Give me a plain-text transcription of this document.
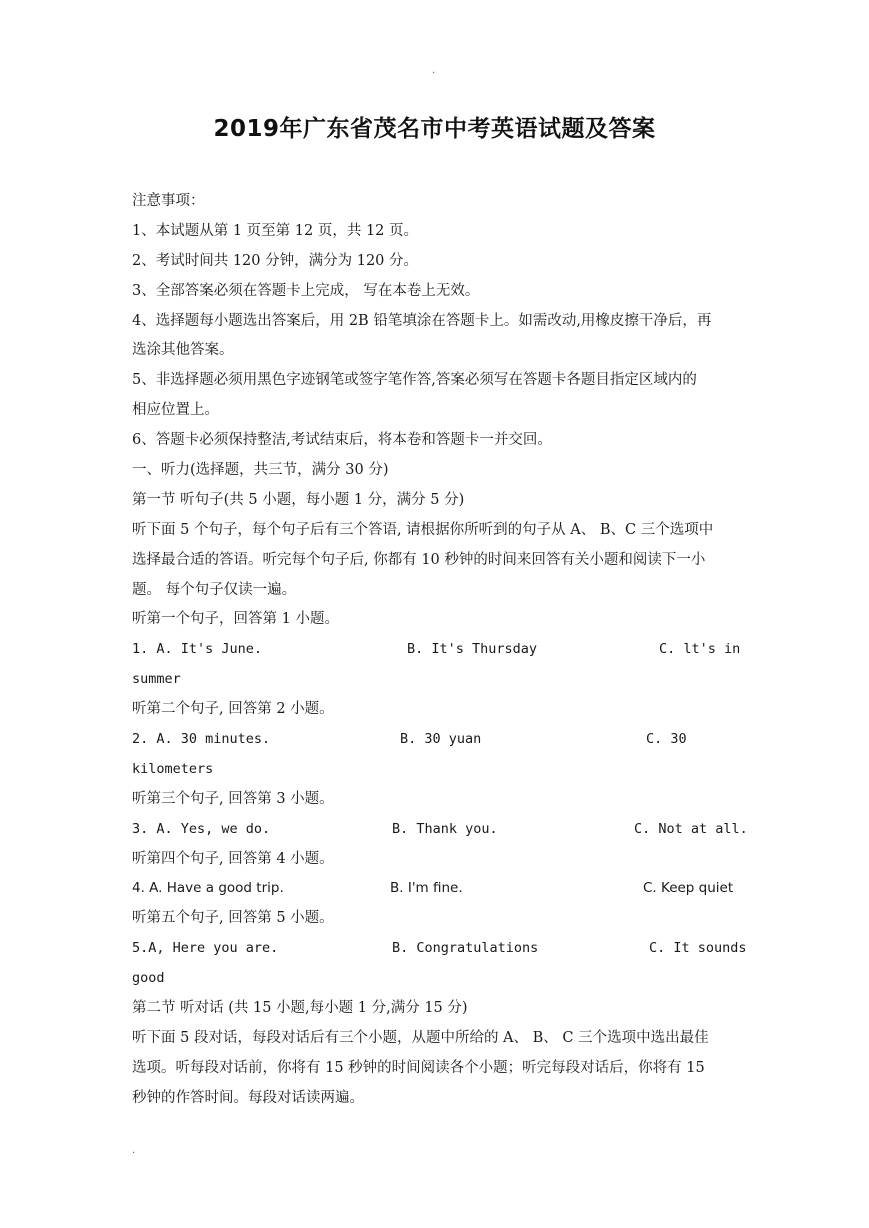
.
2019年广东省茂名市中考英语试题及答案
注意事项：
1、本试题从第 1 页至第 12 页，共 12 页。
2、考试时间共 120 分钟，满分为 120 分。
3、全部答案必须在答题卡上完成， 写在本卷上无效。
4、选择题每小题选出答案后，用 2B 铅笔填涂在答题卡上。如需改动,用橡皮擦干净后，再
选涂其他答案。
5、非选择题必须用黑色字迹钢笔或签字笔作答,答案必须写在答题卡各题目指定区域内的
相应位置上。
6、答题卡必须保持整洁,考试结束后，将本卷和答题卡一并交回。
一、听力(选择题，共三节，满分 30 分)
第一节 听句子(共 5 小题，每小题 1 分，满分 5 分)
听下面 5 个句子，每个句子后有三个答语, 请根据你所听到的句子从 A、 B、C 三个选项中
选择最合适的答语。听完每个句子后, 你都有 10 秒钟的时间来回答有关小题和阅读下一小
题。 每个句子仅读一遍。
听第一个句子，回答第 1 小题。
1. A. It's June.	B. It's Thursday	C. lt's in
summer
听第二个句子, 回答第 2 小题。
2. A. 30 minutes.	B. 30 yuan	C. 30
kilometers
听第三个句子, 回答第 3 小题。
3. A. Yes, we do.	B. Thank you.	C. Not at all.
听第四个句子, 回答第 4 小题。
4. A. Have a good trip.	B. I'm fine.	C. Keep quiet
听第五个句子, 回答第 5 小题。
5.A, Here you are.	B. Congratulations	C. It sounds
good
第二节 听对话 (共 15 小题,每小题 1 分,满分 15 分)
听下面 5 段对话，每段对话后有三个小题，从题中所给的 A、 B、 C 三个选项中选出最佳
选项。听每段对话前，你将有 15 秒钟的时间阅读各个小题；听完每段对话后，你将有 15
秒钟的作答时间。每段对话读两遍。
.
